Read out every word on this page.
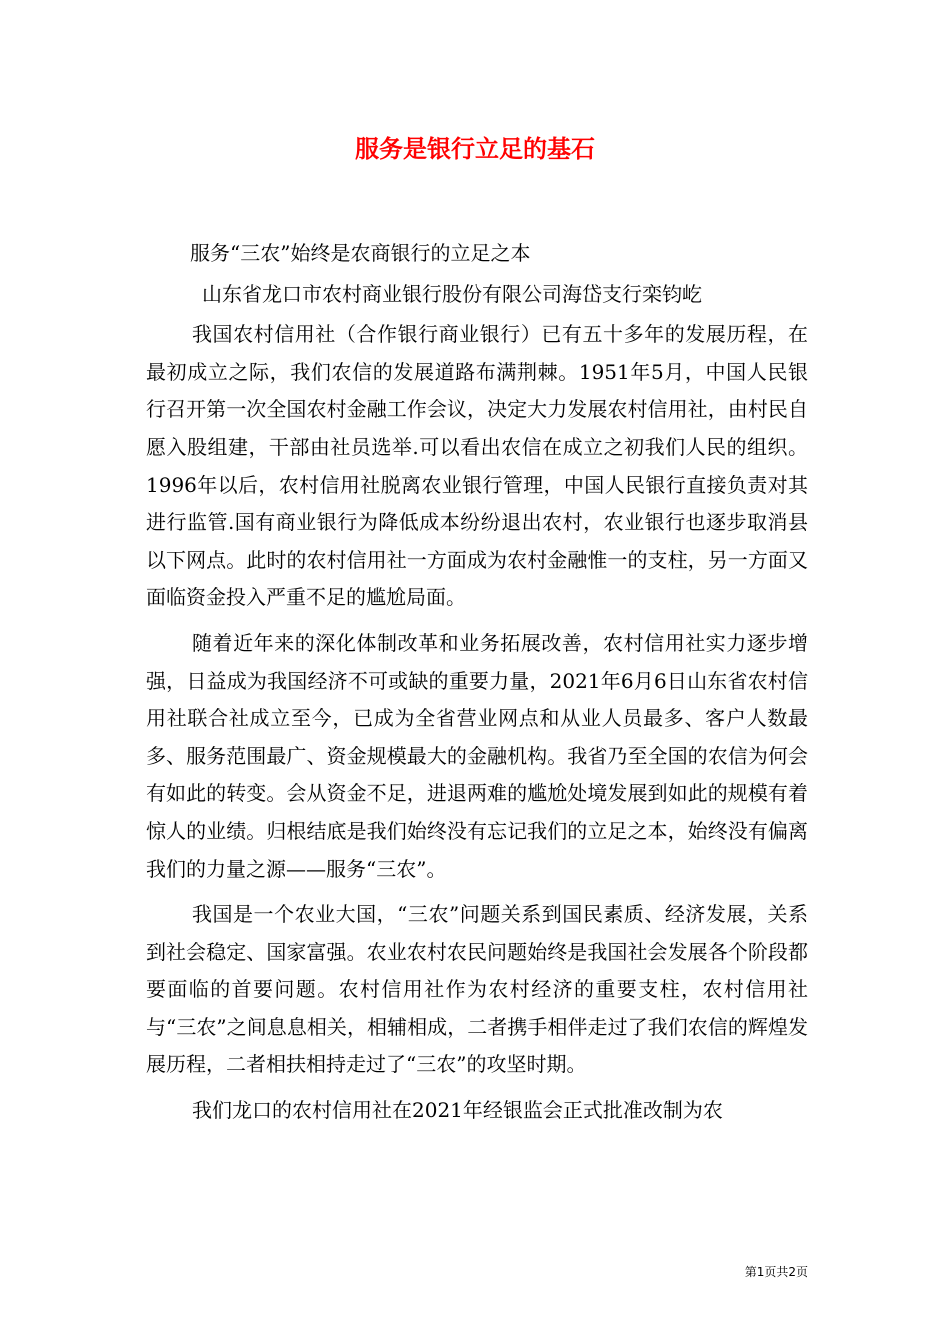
服务是银行立足的基石

服务“三农”始终是农商银行的立足之本

山东省龙口市农村商业银行股份有限公司海岱支行栾钧屹

我国农村信用社（合作银行商业银行）已有五十多年的发展历程，在最初成立之际，我们农信的发展道路布满荆棘。1951年5月，中国人民银行召开第一次全国农村金融工作会议，决定大力发展农村信用社，由村民自愿入股组建，干部由社员选举.可以看出农信在成立之初我们人民的组织。1996年以后，农村信用社脱离农业银行管理，中国人民银行直接负责对其进行监管.国有商业银行为降低成本纷纷退出农村，农业银行也逐步取消县以下网点。此时的农村信用社一方面成为农村金融惟一的支柱，另一方面又面临资金投入严重不足的尴尬局面。

随着近年来的深化体制改革和业务拓展改善，农村信用社实力逐步增强，日益成为我国经济不可或缺的重要力量，2021年6月6日山东省农村信用社联合社成立至今，已成为全省营业网点和从业人员最多、客户人数最多、服务范围最广、资金规模最大的金融机构。我省乃至全国的农信为何会有如此的转变。会从资金不足，进退两难的尴尬处境发展到如此的规模有着惊人的业绩。归根结底是我们始终没有忘记我们的立足之本，始终没有偏离我们的力量之源——服务“三农”。

我国是一个农业大国，“三农”问题关系到国民素质、经济发展，关系到社会稳定、国家富强。农业农村农民问题始终是我国社会发展各个阶段都要面临的首要问题。农村信用社作为农村经济的重要支柱，农村信用社与“三农”之间息息相关，相辅相成，二者携手相伴走过了我们农信的辉煌发展历程，二者相扶相持走过了“三农”的攻坚时期。

我们龙口的农村信用社在2021年经银监会正式批准改制为农

第1页共2页
